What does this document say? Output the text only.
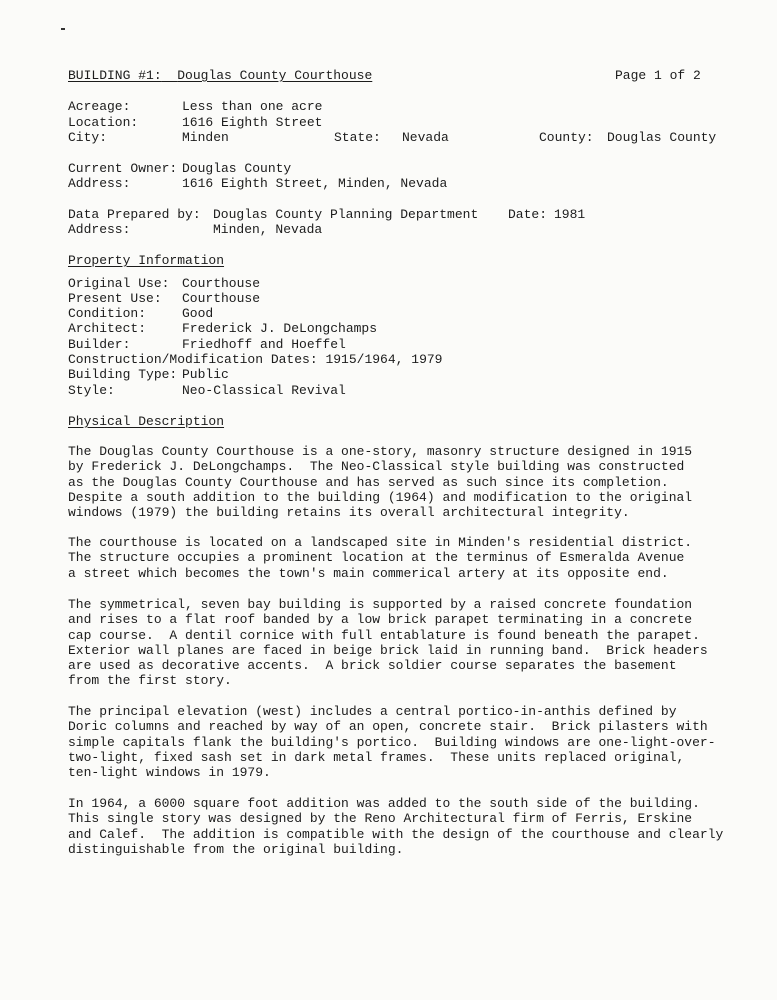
BUILDING #1: Douglas County Courthouse	Page 1 of 2
Acreage:	Less than one acre
Location:	1616 Eighth Street
City:	Minden	State: Nevada	County: Douglas County
Current Owner: Douglas County
Address:	1616 Eighth Street, Minden, Nevada
Data Prepared by: Douglas County Planning Department Date: 1981
Address:	Minden, Nevada
Property Information
Original Use: Courthouse
Present Use: Courthouse
Condition:	Good
Architect:	Frederick J. DeLongchamps
Builder:	Friedhoff and Hoeffel
Construction/Modification Dates: 1915/1964, 1979
Building Type: Public
Style:	Neo-Classical Revival
Physical Description
The Douglas County Courthouse is a one-story, masonry structure designed in 1915
by Frederick J. DeLongchamps.  The Neo-Classical style building was constructed
as the Douglas County Courthouse and has served as such since its completion.
Despite a south addition to the building (1964) and modification to the original
windows (1979) the building retains its overall architectural integrity.
The courthouse is located on a landscaped site in Minden's residential district.
The structure occupies a prominent location at the terminus of Esmeralda Avenue
a street which becomes the town's main commerical artery at its opposite end.
The symmetrical, seven bay building is supported by a raised concrete foundation
and rises to a flat roof banded by a low brick parapet terminating in a concrete
cap course.  A dentil cornice with full entablature is found beneath the parapet.
Exterior wall planes are faced in beige brick laid in running band.  Brick headers
are used as decorative accents.  A brick soldier course separates the basement
from the first story.
The principal elevation (west) includes a central portico-in-anthis defined by
Doric columns and reached by way of an open, concrete stair.  Brick pilasters with
simple capitals flank the building's portico.  Building windows are one-light-over-
two-light, fixed sash set in dark metal frames.  These units replaced original,
ten-light windows in 1979.
In 1964, a 6000 square foot addition was added to the south side of the building.
This single story was designed by the Reno Architectural firm of Ferris, Erskine
and Calef.  The addition is compatible with the design of the courthouse and clearly
distinguishable from the original building.
